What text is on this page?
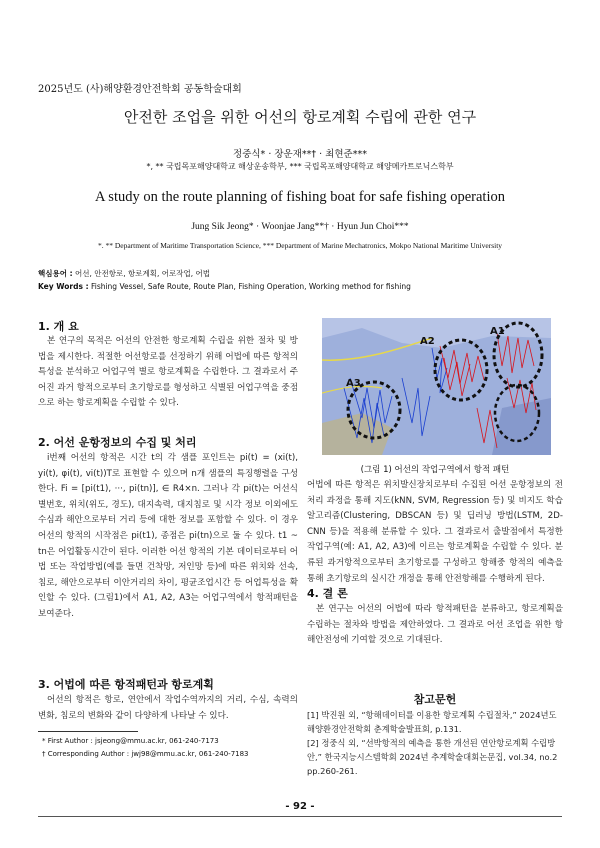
2025년도 (사)해양환경안전학회 공동학술대회
안전한 조업을 위한 어선의 항로계획 수립에 관한 연구
정중식* · 장운재**† · 최현준***
*, ** 국립목포해양대학교 해상운송학부, *** 국립목포해양대학교 해양메카트로닉스학부
A study on the route planning of fishing boat for safe fishing operation
Jung Sik Jeong* · Woonjae Jang**† · Hyun Jun Choi***
*. ** Department of Maritime Transportation Science, *** Department of Marine Mechatronics, Mokpo National Maritime University
핵심용어 : 어선, 안전항로, 항로계획, 어로작업, 어법
Key Words : Fishing Vessel, Safe Route, Route Plan, Fishing Operation, Working method for fishing
1. 개 요

본 연구의 목적은 어선의 안전한 항로계획 수립을 위한 절차 및 방법을 제시한다. 적절한 어선항로를 선정하기 위해 어법에 따른 항적의 특성을 분석하고 어업구역 별로 항로계획을 수립한다. 그 결과로서 주어진 과거 항적으로부터 초기항로를 형성하고 식별된 어업구역을 중점으로 하는 항로계획을 수립할 수 있다.

2. 어선 운항정보의 수집 및 처리

i번째 어선의 항적은 시간 t의 각 샘플 포인트는 pi(t) = (xi(t), yi(t), φi(t), vi(t))T로 표현할 수 있으며 n개 샘플의 특징행렬을 구성한다. Fi = [pi(t1), ···, pi(tn)], ∈ R4×n. 그러나 각 pi(t)는 어선식별번호, 위치(위도, 경도), 대지속력, 대지침로 및 시각 정보 이외에도 수심과 해안으로부터 거리 등에 대한 정보를 포함할 수 있다. 이 경우 어선의 항적의 시작점은 pi(t1), 종점은 pi(tn)으로 둘 수 있다. t1 ~ tn은 어업활동시간이 된다. 이러한 어선 항적의 기본 데이터로부터 어법 또는 작업방법(예를 들면 건착망, 저인망 등)에 따른 위치와 선속, 침로, 해안으로부터 이안거리의 차이, 평균조업시간 등 어업특성을 확인할 수 있다. (그림1)에서 A1, A2, A3는 어업구역에서 항적패턴을 보여준다.

3. 어법에 따른 항적패턴과 항로계획

어선의 항적은 항로, 연안에서 작업수역까지의 거리, 수심, 속력의 변화, 침로의 변화와 같이 다양하게 나타날 수 있다.

* First Author : jsjeong@mmu.ac.kr, 061-240-7173
† Corresponding Author : jwj98@mmu.ac.kr, 061-240-7183
A1
A2
A3
(그림 1) 어선의 작업구역에서 항적 패턴

어법에 따른 항적은 위치발신장치로부터 수집된 어선 운항정보의 전처리 과정을 통해 지도(kNN, SVM, Regression 등) 및 비지도 학습 알고리즘(Clustering, DBSCAN 등) 및 딥러닝 방법(LSTM, 2D-CNN 등)을 적용해 분류할 수 있다. 그 결과로서 출발점에서 특정한 작업구역(예: A1, A2, A3)에 이르는 항로계획을 수립할 수 있다. 분류된 과거항적으로부터 초기항로를 구성하고 항해중 항적의 예측을 통해 초기항로의 실시간 개정을 통해 안전항해를 수행하게 된다.

4. 결 론

본 연구는 어선의 어법에 따라 항적패턴을 분류하고, 항로계획을 수립하는 절차와 방법을 제안하였다. 그 결과로 어선 조업을 위한 항해안전성에 기여할 것으로 기대된다.

참고문헌
[1] 박진원 외, “항해데이터를 이용한 항로계획 수립절차,” 2024년도 해양환경안전학회 춘계학술발표회, p.131.
[2] 정중식 외, “선박항적의 예측을 통한 개선된 연안항로계획 수립방안,” 한국지능시스템학회 2024년 추계학술대회논문집, vol.34, no.2 pp.260-261.
- 92 -
